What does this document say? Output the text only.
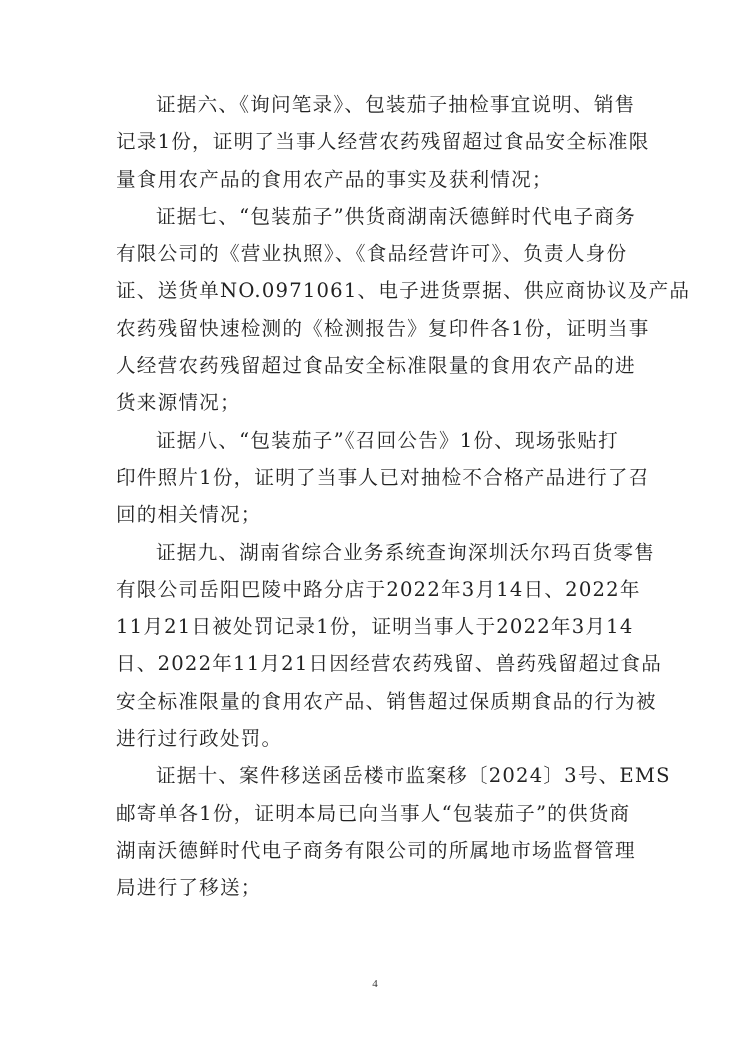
证据六、《询问笔录》、包装茄子抽检事宜说明、销售
记录1份，证明了当事人经营农药残留超过食品安全标准限
量食用农产品的食用农产品的事实及获利情况；
证据七、“包装茄子”供货商湖南沃德鲜时代电子商务
有限公司的《营业执照》、《食品经营许可》、负责人身份
证、送货单NO.0971061、电子进货票据、供应商协议及产品
农药残留快速检测的《检测报告》复印件各1份，证明当事
人经营农药残留超过食品安全标准限量的食用农产品的进
货来源情况；
证据八、“包装茄子”《召回公告》1份、现场张贴打
印件照片1份，证明了当事人已对抽检不合格产品进行了召
回的相关情况；
证据九、湖南省综合业务系统查询深圳沃尔玛百货零售
有限公司岳阳巴陵中路分店于2022年3月14日、2022年
11月21日被处罚记录1份，证明当事人于2022年3月14
日、2022年11月21日因经营农药残留、兽药残留超过食品
安全标准限量的食用农产品、销售超过保质期食品的行为被
进行过行政处罚。
证据十、案件移送函岳楼市监案移〔2024〕3号、EMS
邮寄单各1份，证明本局已向当事人“包装茄子”的供货商
湖南沃德鲜时代电子商务有限公司的所属地市场监督管理
局进行了移送；
4
